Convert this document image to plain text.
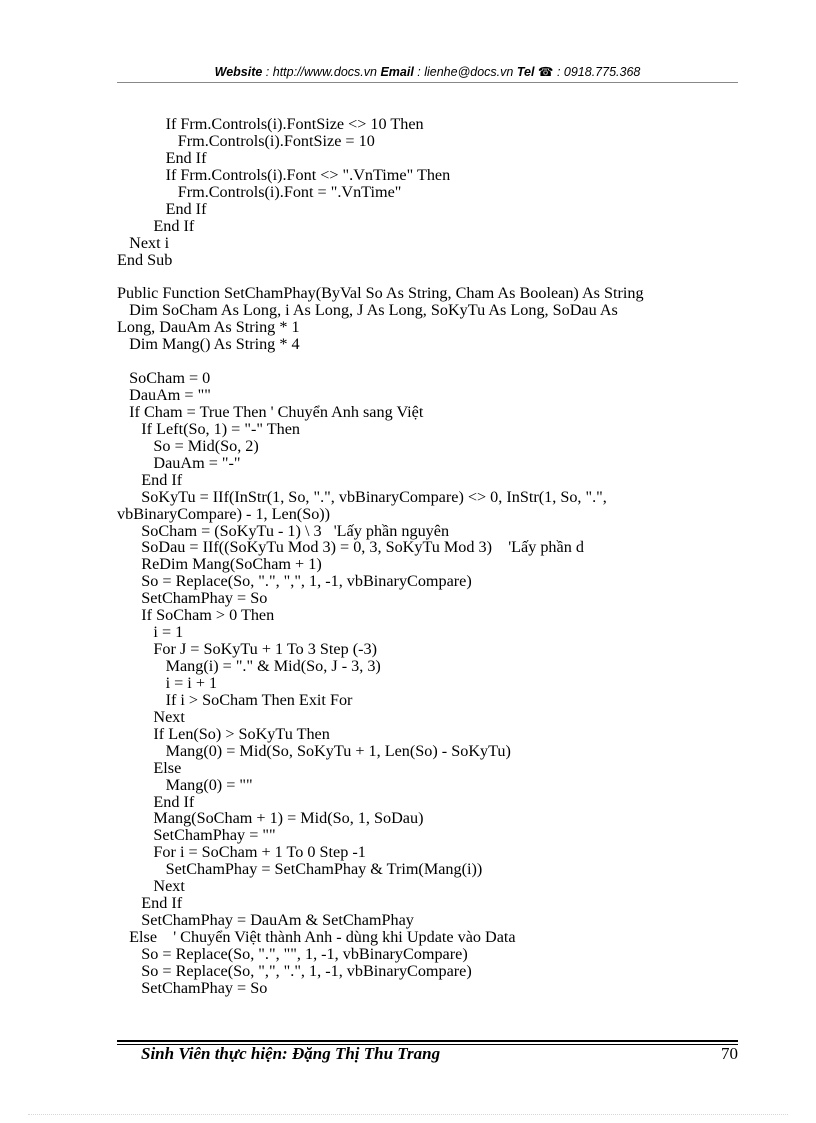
Website : http://www.docs.vn Email : lienhe@docs.vn Tel ☎ : 0918.775.368
If Frm.Controls(i).FontSize <> 10 Then
Frm.Controls(i).FontSize = 10
End If
If Frm.Controls(i).Font <> ".VnTime" Then
Frm.Controls(i).Font = ".VnTime"
End If
End If
Next i
End Sub

Public Function SetChamPhay(ByVal So As String, Cham As Boolean) As String
Dim SoCham As Long, i As Long, J As Long, SoKyTu As Long, SoDau As
Long, DauAm As String * 1
Dim Mang() As String * 4

SoCham = 0
DauAm = ""
If Cham = True Then ' Chuyển Anh sang Việt
If Left(So, 1) = "-" Then
So = Mid(So, 2)
DauAm = "-"
End If
SoKyTu = IIf(InStr(1, So, ".", vbBinaryCompare) <> 0, InStr(1, So, ".",
vbBinaryCompare) - 1, Len(So))
SoCham = (SoKyTu - 1) \ 3   'Lấy phần nguyên
SoDau = IIf((SoKyTu Mod 3) = 0, 3, SoKyTu Mod 3)    'Lấy phần d
ReDim Mang(SoCham + 1)
So = Replace(So, ".", ",", 1, -1, vbBinaryCompare)
SetChamPhay = So
If SoCham > 0 Then
i = 1
For J = SoKyTu + 1 To 3 Step (-3)
Mang(i) = "." & Mid(So, J - 3, 3)
i = i + 1
If i > SoCham Then Exit For
Next
If Len(So) > SoKyTu Then
Mang(0) = Mid(So, SoKyTu + 1, Len(So) - SoKyTu)
Else
Mang(0) = ""
End If
Mang(SoCham + 1) = Mid(So, 1, SoDau)
SetChamPhay = ""
For i = SoCham + 1 To 0 Step -1
SetChamPhay = SetChamPhay & Trim(Mang(i))
Next
End If
SetChamPhay = DauAm & SetChamPhay
Else    ' Chuyển Việt thành Anh - dùng khi Update vào Data
So = Replace(So, ".", "", 1, -1, vbBinaryCompare)
So = Replace(So, ",", ".", 1, -1, vbBinaryCompare)
SetChamPhay = So
Sinh Viên thực hiện: Đặng Thị Thu Trang	70
